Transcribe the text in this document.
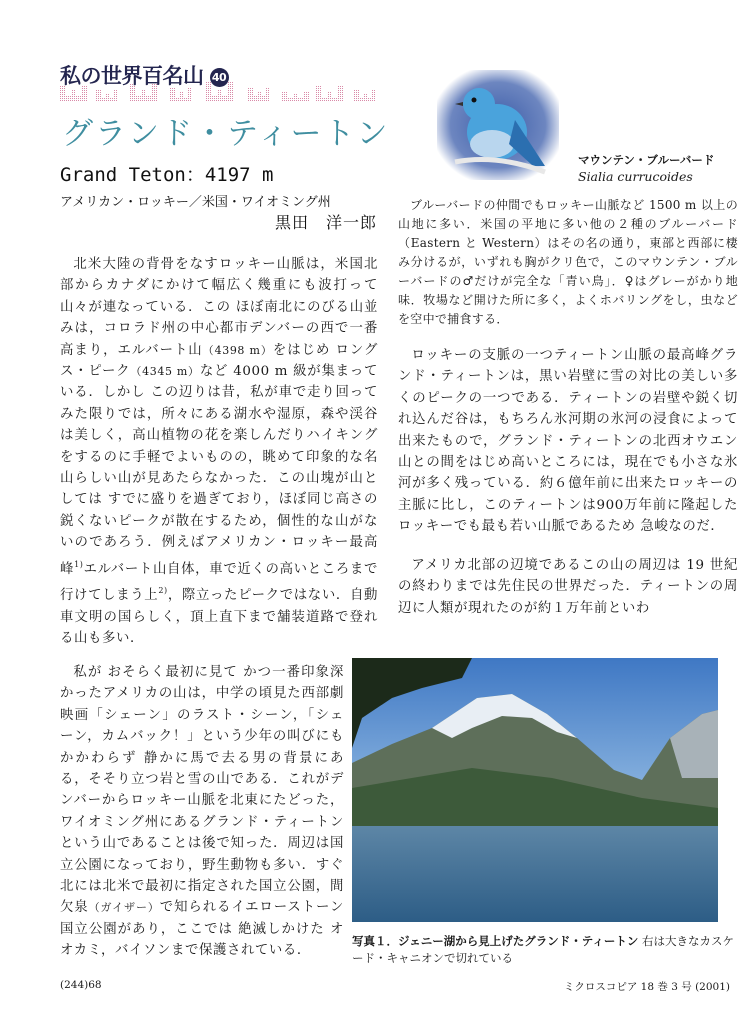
私の世界百名山 40
グランド・ティートン
Grand Teton：4197 m
アメリカン・ロッキー／米国・ワイオミング州
黒田　洋一郎
マウンテン・ブルーバード
Sialia currucoides

ブルーバードの仲間でもロッキー山脈など 1500 m 以上の山地に多い．米国の平地に多い他の２種のブルーバード（Eastern と Western）はその名の通り，東部と西部に棲み分けるが，いずれも胸がクリ色で，このマウンテン・ブルーバードの♂だけが完全な「青い鳥」．♀はグレーがかり地味．牧場など開けた所に多く，よくホバリングをし，虫などを空中で捕食する．

北米大陸の背骨をなすロッキー山脈は，米国北部からカナダにかけて幅広く幾重にも波打って山々が連なっている．この ほぼ南北にのびる山並みは，コロラド州の中心都市デンバーの西で一番高まり，エルバート山（4398 m）をはじめ ロングス・ピーク（4345 m）など 4000 m 級が集まっている．しかし この辺りは昔，私が車で走り回ってみた限りでは，所々にある湖水や湿原，森や渓谷は美しく，高山植物の花を楽しんだりハイキングをするのに手軽でよいものの，眺めて印象的な名山らしい山が見あたらなかった．この山塊が山としては すでに盛りを過ぎており，ほぼ同じ高さの 鋭くないピークが散在するため，個性的な山がないのであろう．例えばアメリカン・ロッキー最高峰$^{1)}$エルバート山自体，車で近くの高いところまで行けてしまう上$^{2)}$，際立ったピークではない．自動車文明の国らしく，頂上直下まで舗装道路で登れる山も多い．

私が おそらく最初に見て かつ一番印象深かったアメリカの山は，中学の頃見た西部劇映画「シェーン」のラスト・シーン，「シェーン，カムバック！」という少年の叫びにもかかわらず 静かに馬で去る男の背景にある，そそり立つ岩と雪の山である．これがデンバーからロッキー山脈を北東にたどった，ワイオミング州にあるグランド・ティートンという山であることは後で知った．周辺は国立公園になっており，野生動物も多い．すぐ北には北米で最初に指定された国立公園，間欠泉（ガイザー）で知られるイエローストーン国立公園があり，ここでは 絶滅しかけた オオカミ，バイソンまで保護されている．

ロッキーの支脈の一つティートン山脈の最高峰グランド・ティートンは，黒い岩壁に雪の対比の美しい多くのピークの一つである．ティートンの岩壁や鋭く切れ込んだ谷は，もちろん氷河期の氷河の浸食によって出来たもので，グランド・ティートンの北西オウエン山との間をはじめ高いところには，現在でも小さな氷河が多く残っている．約６億年前に出来たロッキーの主脈に比し，このティートンは900万年前に隆起した ロッキーでも最も若い山脈であるため 急峻なのだ．

アメリカ北部の辺境であるこの山の周辺は 19 世紀の終わりまでは先住民の世界だった．ティートンの周辺に人類が現れたのが約１万年前といわ

写真１．ジェニー湖から見上げたグランド・ティートン 右は大きなカスケード・キャニオンで切れている
(244)68	ミクロスコピア 18 巻 3 号 (2001)
